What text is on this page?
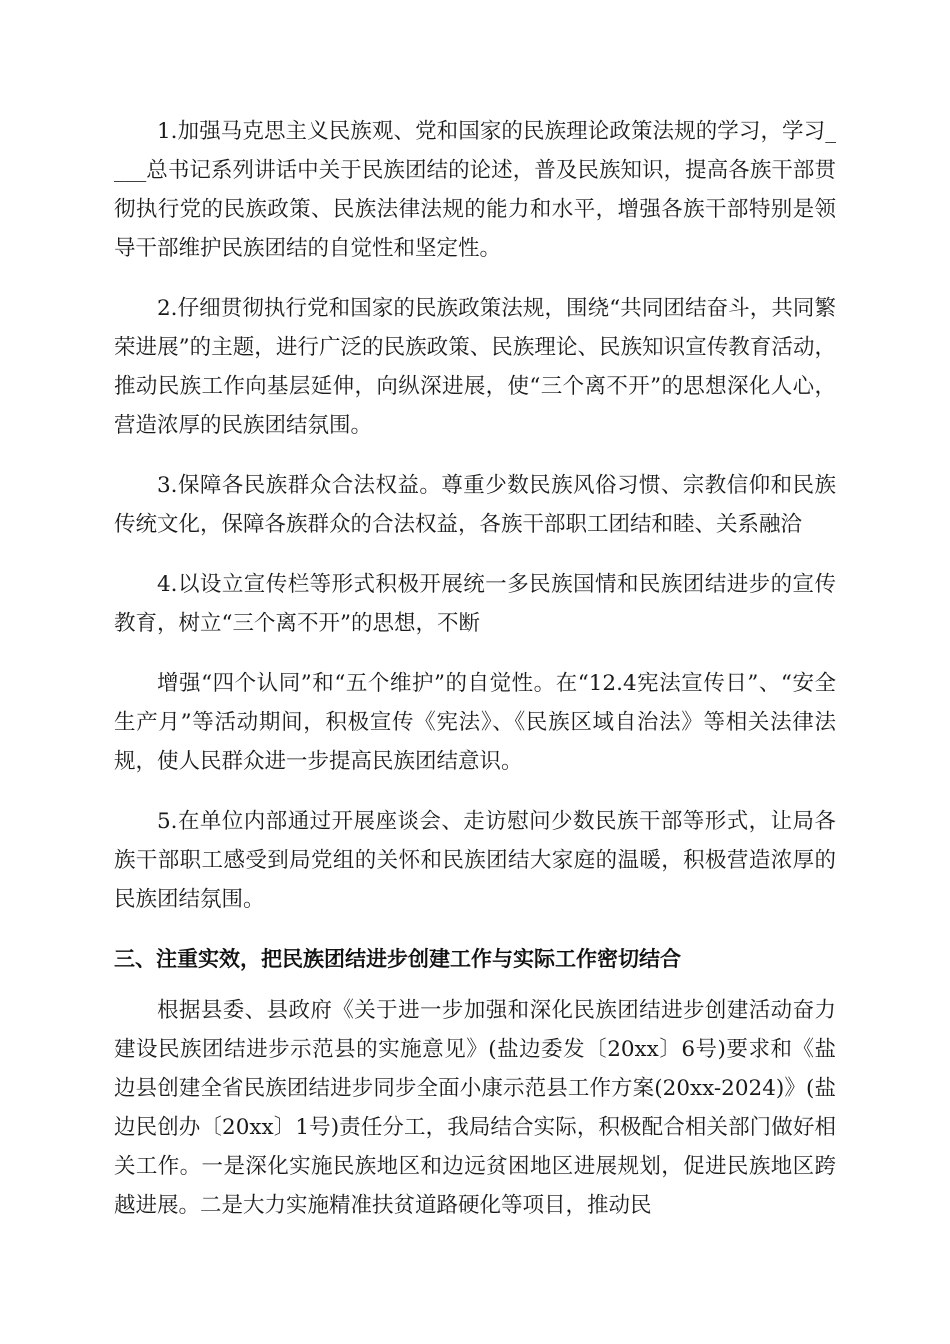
1.加强马克思主义民族观、党和国家的民族理论政策法规的学习，学习____总书记系列讲话中关于民族团结的论述，普及民族知识，提高各族干部贯彻执行党的民族政策、民族法律法规的能力和水平，增强各族干部特别是领导干部维护民族团结的自觉性和坚定性。

2.仔细贯彻执行党和国家的民族政策法规，围绕“共同团结奋斗，共同繁荣进展”的主题，进行广泛的民族政策、民族理论、民族知识宣传教育活动，推动民族工作向基层延伸，向纵深进展，使“三个离不开”的思想深化人心，营造浓厚的民族团结氛围。

3.保障各民族群众合法权益。尊重少数民族风俗习惯、宗教信仰和民族传统文化，保障各族群众的合法权益，各族干部职工团结和睦、关系融洽

4.以设立宣传栏等形式积极开展统一多民族国情和民族团结进步的宣传教育，树立“三个离不开”的思想，不断

增强“四个认同”和“五个维护”的自觉性。在“12.4宪法宣传日”、“安全生产月”等活动期间，积极宣传《宪法》、《民族区域自治法》等相关法律法规，使人民群众进一步提高民族团结意识。

5.在单位内部通过开展座谈会、走访慰问少数民族干部等形式，让局各族干部职工感受到局党组的关怀和民族团结大家庭的温暖，积极营造浓厚的民族团结氛围。

三、注重实效，把民族团结进步创建工作与实际工作密切结合

根据县委、县政府《关于进一步加强和深化民族团结进步创建活动奋力建设民族团结进步示范县的实施意见》(盐边委发〔20xx〕6号)要求和《盐边县创建全省民族团结进步同步全面小康示范县工作方案(20xx-2024)》(盐边民创办〔20xx〕1号)责任分工，我局结合实际，积极配合相关部门做好相关工作。一是深化实施民族地区和边远贫困地区进展规划，促进民族地区跨越进展。二是大力实施精准扶贫道路硬化等项目，推动民
